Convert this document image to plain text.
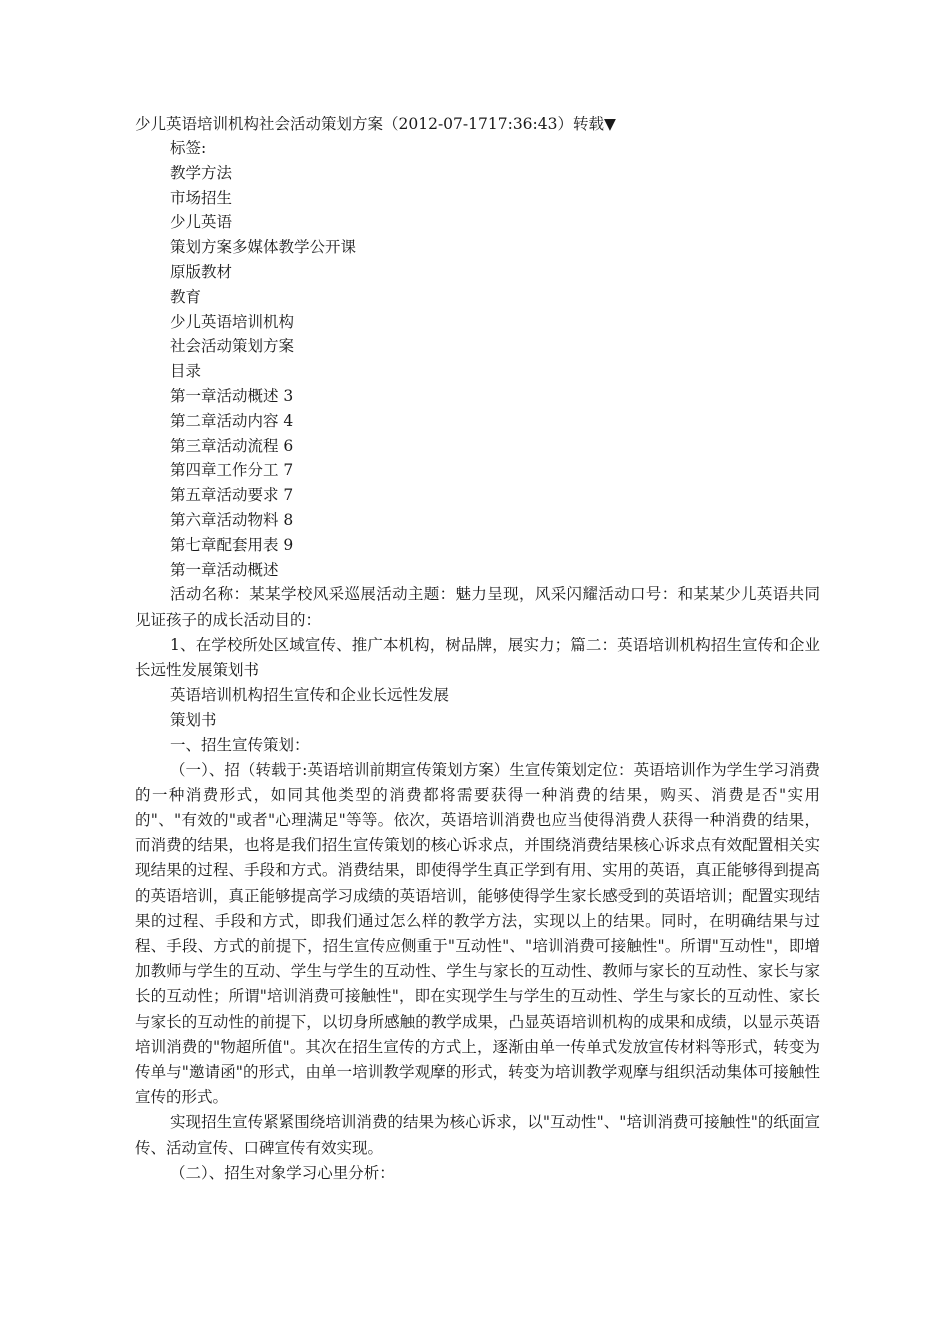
少儿英语培训机构社会活动策划方案（2012-07-1717:36:43）转载▼
标签:
教学方法
市场招生
少儿英语
策划方案多媒体教学公开课
原版教材
教育
少儿英语培训机构
社会活动策划方案
目录
第一章活动概述 3
第二章活动内容 4
第三章活动流程 6
第四章工作分工 7
第五章活动要求 7
第六章活动物料 8
第七章配套用表 9
第一章活动概述
活动名称：某某学校风采巡展活动主题：魅力呈现，风采闪耀活动口号：和某某少儿英语共同见证孩子的成长活动目的：
1、在学校所处区域宣传、推广本机构，树品牌，展实力；篇二：英语培训机构招生宣传和企业长远性发展策划书
英语培训机构招生宣传和企业长远性发展
策划书
一、招生宣传策划：
（一）、招（转载于:英语培训前期宣传策划方案）生宣传策划定位：英语培训作为学生学习消费的一种消费形式，如同其他类型的消费都将需要获得一种消费的结果，购买、消费是否"实用的"、"有效的"或者"心理满足"等等。依次，英语培训消费也应当使得消费人获得一种消费的结果，而消费的结果，也将是我们招生宣传策划的核心诉求点，并围绕消费结果核心诉求点有效配置相关实现结果的过程、手段和方式。消费结果，即使得学生真正学到有用、实用的英语，真正能够得到提高的英语培训，真正能够提高学习成绩的英语培训，能够使得学生家长感受到的英语培训；配置实现结果的过程、手段和方式，即我们通过怎么样的教学方法，实现以上的结果。同时，在明确结果与过程、手段、方式的前提下，招生宣传应侧重于"互动性"、"培训消费可接触性"。所谓"互动性"，即增加教师与学生的互动、学生与学生的互动性、学生与家长的互动性、教师与家长的互动性、家长与家长的互动性；所谓"培训消费可接触性"，即在实现学生与学生的互动性、学生与家长的互动性、家长与家长的互动性的前提下，以切身所感触的教学成果，凸显英语培训机构的成果和成绩，以显示英语培训消费的"物超所值"。其次在招生宣传的方式上，逐渐由单一传单式发放宣传材料等形式，转变为传单与"邀请函"的形式，由单一培训教学观摩的形式，转变为培训教学观摩与组织活动集体可接触性宣传的形式。
实现招生宣传紧紧围绕培训消费的结果为核心诉求，以"互动性"、"培训消费可接触性"的纸面宣传、活动宣传、口碑宣传有效实现。
（二）、招生对象学习心里分析：
